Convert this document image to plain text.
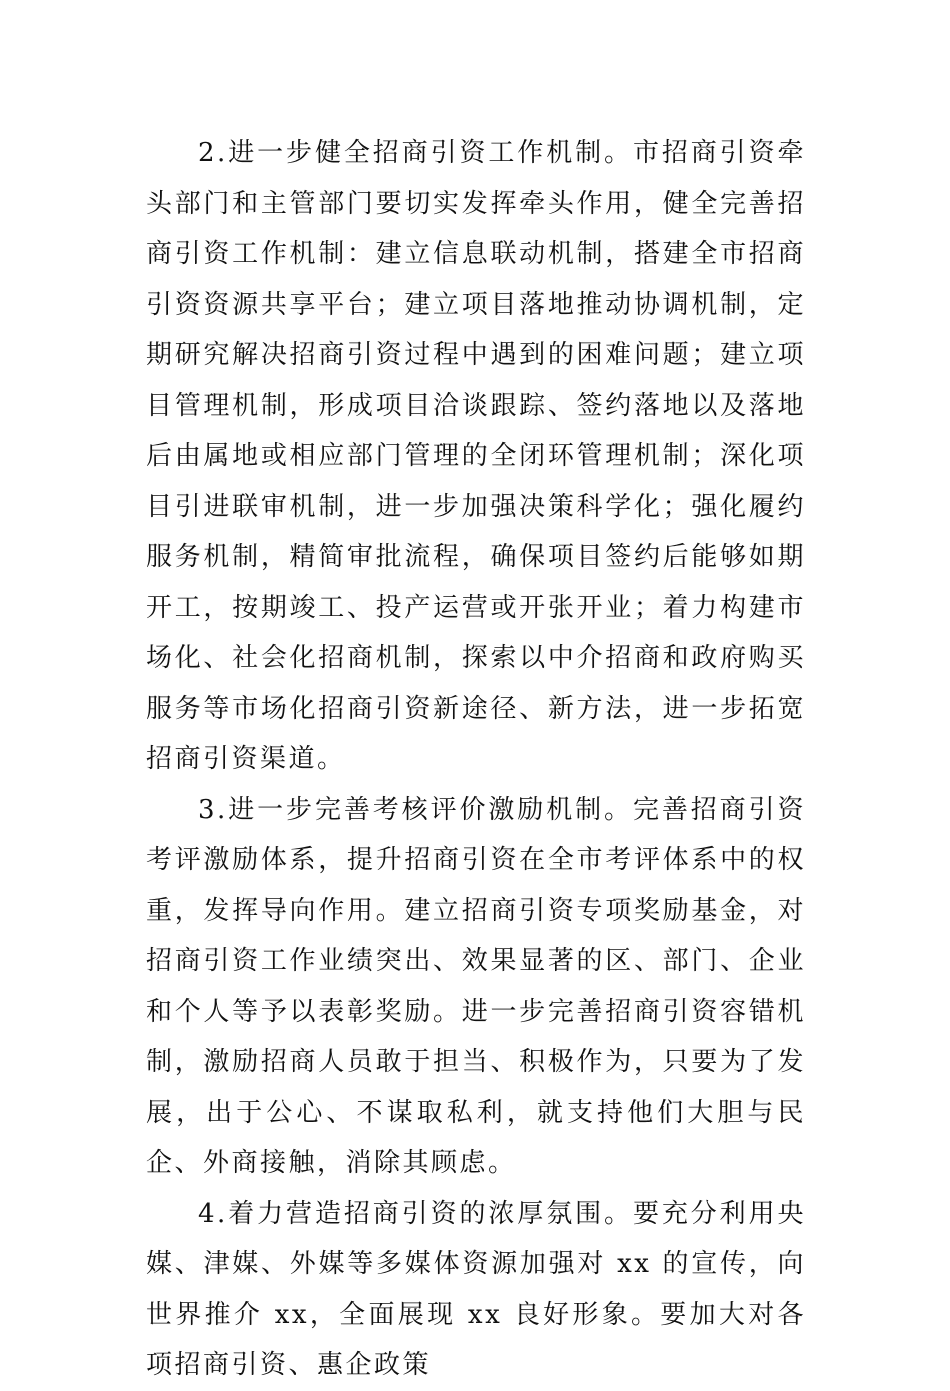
2.进一步健全招商引资工作机制。市招商引资牵头部门和主管部门要切实发挥牵头作用，健全完善招商引资工作机制：建立信息联动机制，搭建全市招商引资资源共享平台；建立项目落地推动协调机制，定期研究解决招商引资过程中遇到的困难问题；建立项目管理机制，形成项目洽谈跟踪、签约落地以及落地后由属地或相应部门管理的全闭环管理机制；深化项目引进联审机制，进一步加强决策科学化；强化履约服务机制，精简审批流程，确保项目签约后能够如期开工，按期竣工、投产运营或开张开业；着力构建市场化、社会化招商机制，探索以中介招商和政府购买服务等市场化招商引资新途径、新方法，进一步拓宽招商引资渠道。

3.进一步完善考核评价激励机制。完善招商引资考评激励体系，提升招商引资在全市考评体系中的权重，发挥导向作用。建立招商引资专项奖励基金，对招商引资工作业绩突出、效果显著的区、部门、企业和个人等予以表彰奖励。进一步完善招商引资容错机制，激励招商人员敢于担当、积极作为，只要为了发展，出于公心、不谋取私利，就支持他们大胆与民企、外商接触，消除其顾虑。

4.着力营造招商引资的浓厚氛围。要充分利用央媒、津媒、外媒等多媒体资源加强对 xx 的宣传，向世界推介 xx，全面展现 xx 良好形象。要加大对各项招商引资、惠企政策
